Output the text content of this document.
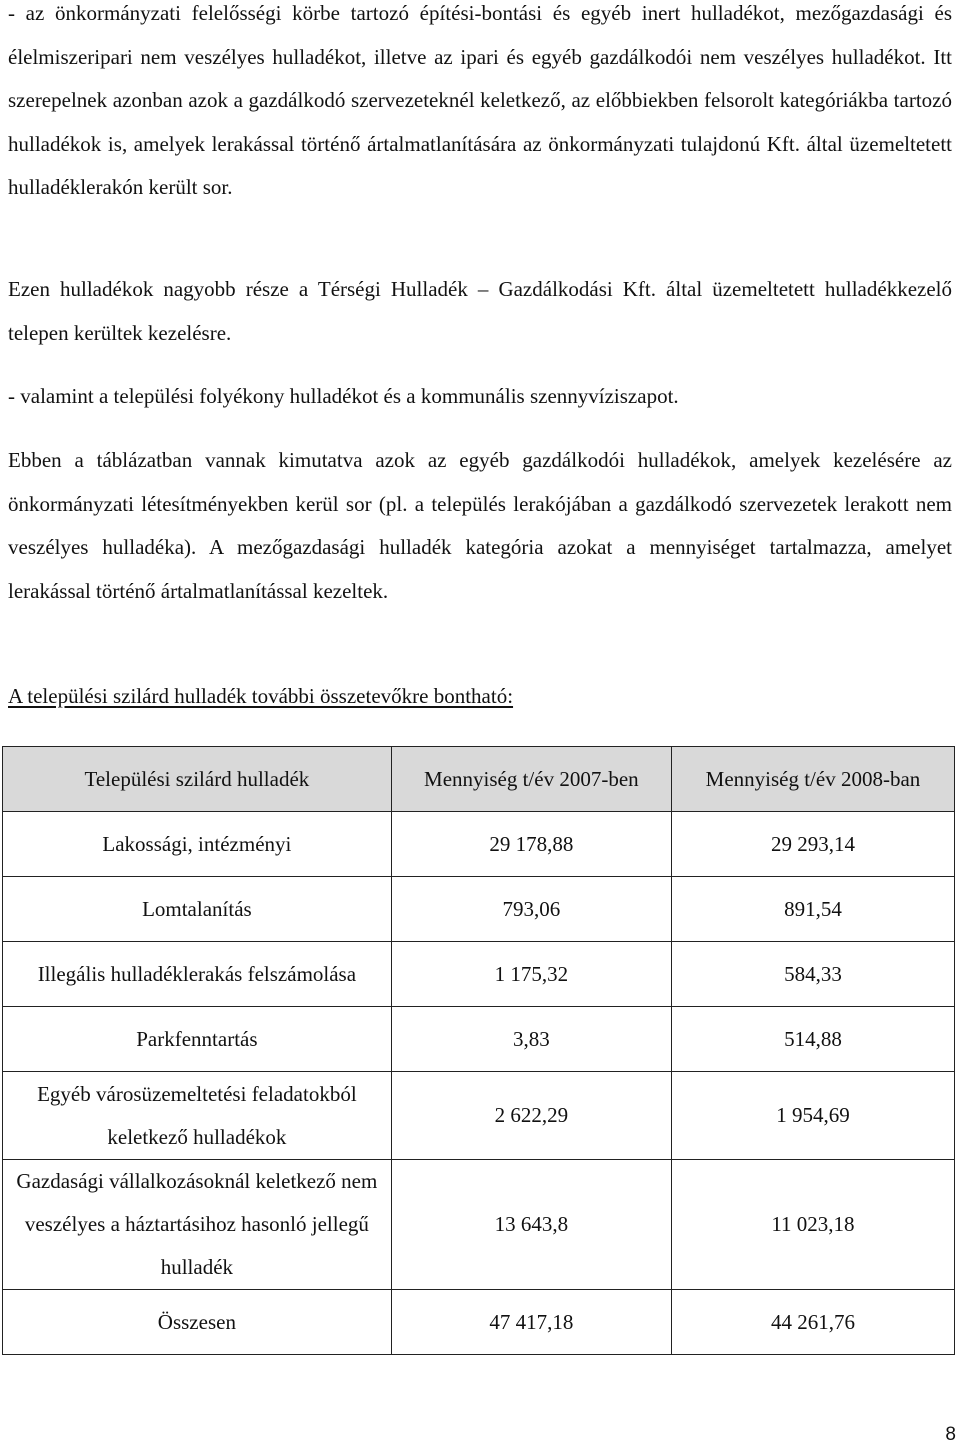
- az önkormányzati felelősségi körbe tartozó építési-bontási és egyéb inert hulladékot, mezőgazdasági és élelmiszeripari nem veszélyes hulladékot, illetve az ipari és egyéb gazdálkodói nem veszélyes hulladékot. Itt szerepelnek azonban azok a gazdálkodó szervezeteknél keletkező, az előbbiekben felsorolt kategóriákba tartozó hulladékok is, amelyek lerakással történő ártalmatlanítására az önkormányzati tulajdonú Kft. által üzemeltetett hulladéklerakón került sor.

Ezen hulladékok nagyobb része a Térségi Hulladék – Gazdálkodási Kft. által üzemeltetett hulladékkezelő telepen kerültek kezelésre.

- valamint a települési folyékony hulladékot és a kommunális szennyvíziszapot.

Ebben a táblázatban vannak kimutatva azok az egyéb gazdálkodói hulladékok, amelyek kezelésére az önkormányzati létesítményekben kerül sor (pl. a település lerakójában a gazdálkodó szervezetek lerakott nem veszélyes hulladéka). A mezőgazdasági hulladék kategória azokat a mennyiséget tartalmazza, amelyet lerakással történő ártalmatlanítással kezeltek.

A települési szilárd hulladék további összetevőkre bontható:

Települési szilárd hulladék	Mennyiség t/év 2007-ben	Mennyiség t/év 2008-ban
Lakossági, intézményi	29 178,88	29 293,14
Lomtalanítás	793,06	891,54
Illegális hulladéklerakás felszámolása	1 175,32	584,33
Parkfenntartás	3,83	514,88
Egyéb városüzemeltetési feladatokból keletkező hulladékok	2 622,29	1 954,69
Gazdasági vállalkozásoknál keletkező nem veszélyes a háztartásihoz hasonló jellegű hulladék	13 643,8	11 023,18
Összesen	47 417,18	44 261,76
8
